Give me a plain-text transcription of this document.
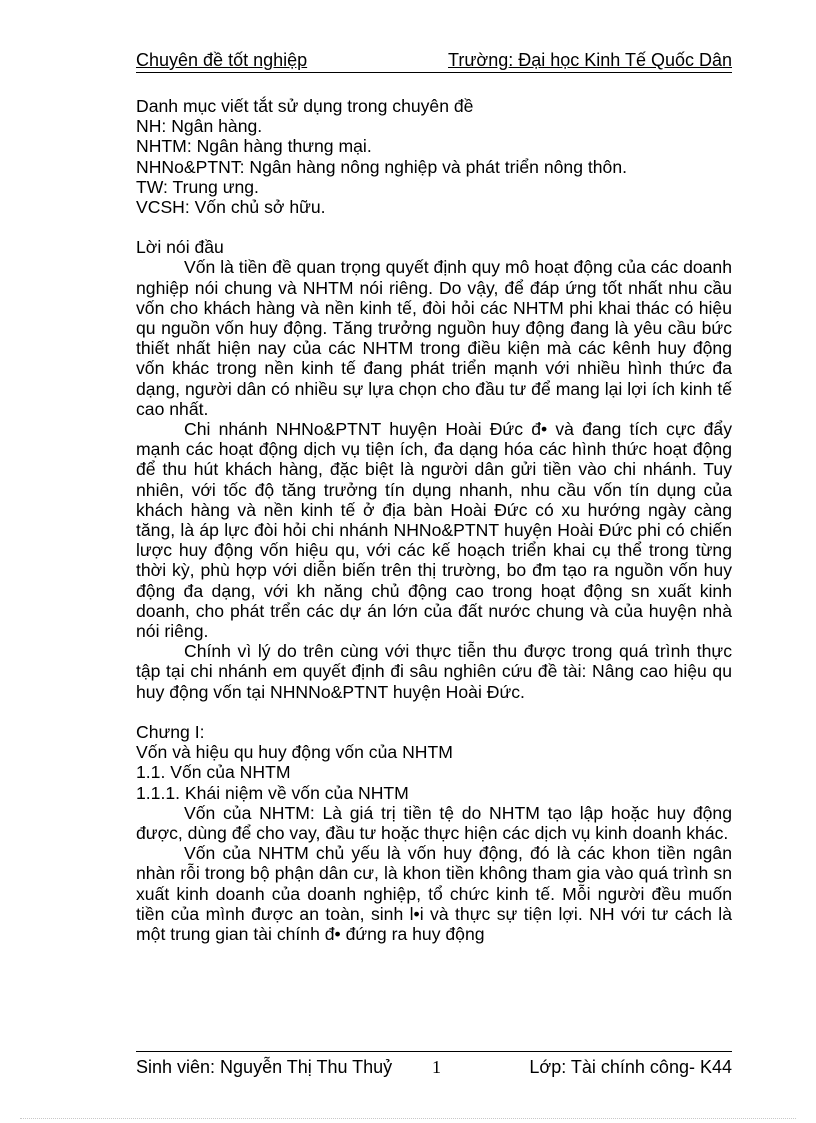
Chuyên đề tốt nghiệp	Trường: Đại học Kinh Tế Quốc Dân
Danh mục viết tắt sử dụng trong chuyên đề
NH: Ngân hàng.
NHTM: Ngân hàng thưng mại.
NHNo&PTNT: Ngân hàng nông nghiệp và phát triển nông thôn.
TW: Trung ưng.
VCSH: Vốn chủ sở hữu.
Lời nói đầu
Vốn là tiền đề quan trọng quyết định quy mô hoạt động của các doanh nghiệp nói chung và NHTM nói riêng. Do vậy, để đáp ứng tốt nhất nhu cầu vốn cho khách hàng và nền kinh tế, đòi hỏi các NHTM phi khai thác có hiệu qu nguồn vốn huy động. Tăng trưởng nguồn huy động đang là yêu cầu bức thiết nhất hiện nay của các NHTM trong điều kiện mà các kênh huy động vốn khác trong nền kinh tế đang phát triển mạnh với nhiều hình thức đa dạng, người dân có nhiều sự lựa chọn cho đầu tư để mang lại lợi ích kinh tế cao nhất.
Chi nhánh NHNo&PTNT huyện Hoài Đức đ• và đang tích cực đẩy mạnh các hoạt động dịch vụ tiện ích, đa dạng hóa các hình thức hoạt động để thu hút khách hàng, đặc biệt là người dân gửi tiền vào chi nhánh. Tuy nhiên, với tốc độ tăng trưởng tín dụng nhanh, nhu cầu vốn tín dụng của khách hàng và nền kinh tế ở địa bàn Hoài Đức có xu hướng ngày càng tăng, là áp lực đòi hỏi chi nhánh NHNo&PTNT huyện Hoài Đức phi có chiến lược huy động vốn hiệu qu, với các kế hoạch triển khai cụ thể trong từng thời kỳ, phù hợp với diễn biến trên thị trường, bo đm tạo ra nguồn vốn huy động đa dạng, với kh năng chủ động cao trong hoạt động sn xuất kinh doanh, cho phát trển các dự án lớn của đất nước chung và của huyện nhà nói riêng.
Chính vì lý do trên cùng với thực tiễn thu được trong quá trình thực tập tại chi nhánh em quyết định đi sâu nghiên cứu đề tài: Nâng cao hiệu qu huy động vốn tại NHNNo&PTNT huyện Hoài Đức.
Chưng I:
Vốn và hiệu qu huy động vốn của NHTM
1.1. Vốn của NHTM
1.1.1. Khái niệm về vốn của NHTM
Vốn của NHTM: Là giá trị tiền tệ do NHTM tạo lập hoặc huy động được, dùng để cho vay, đầu tư hoặc thực hiện các dịch vụ kinh doanh khác.
Vốn của NHTM chủ yếu là vốn huy động, đó là các khon tiền ngân nhàn rỗi trong bộ phận dân cư, là khon tiền không tham gia vào quá trình sn xuất kinh doanh của doanh nghiệp, tổ chức kinh tế. Mỗi người đều muốn tiền của mình được an toàn, sinh l•i và thực sự tiện lợi. NH với tư cách là một trung gian tài chính đ• đứng ra huy động
Sinh viên: Nguyễn Thị Thu Thuỷ 1	Lớp: Tài chính công- K44
